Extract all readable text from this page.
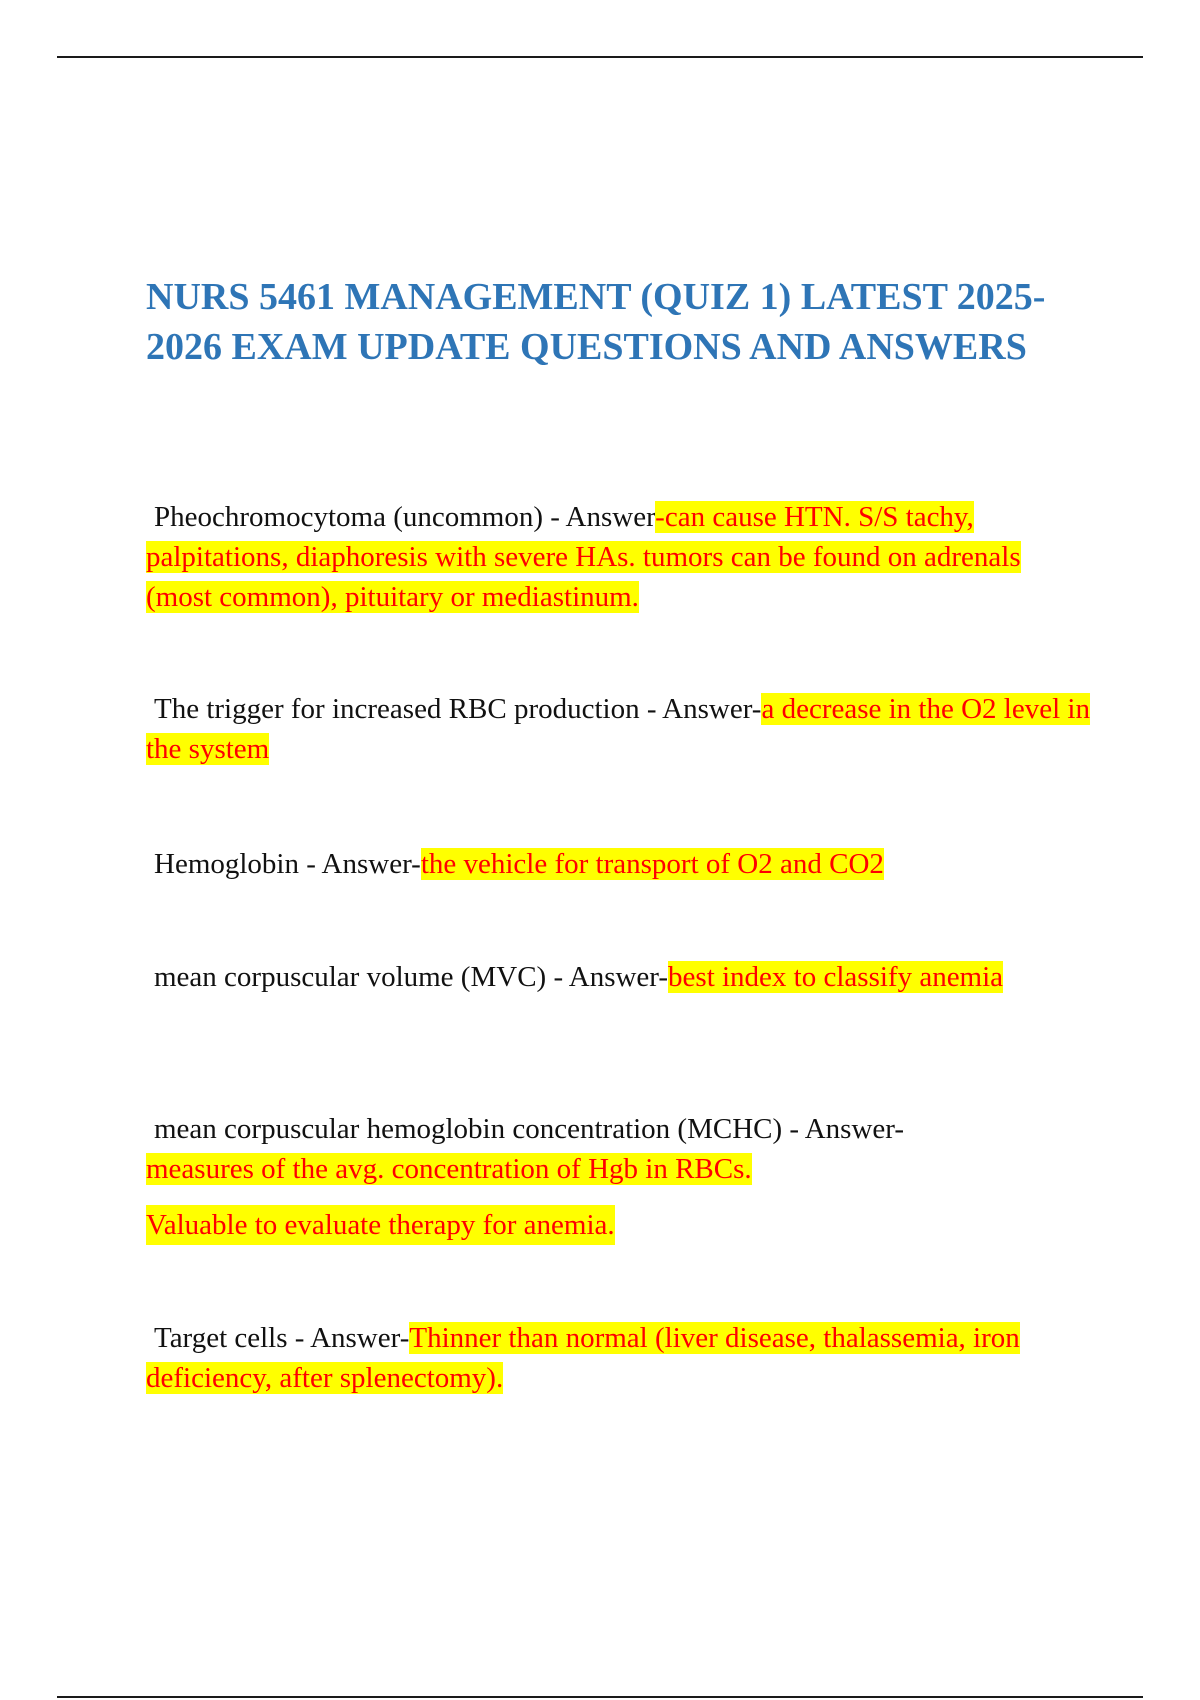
NURS 5461 MANAGEMENT (QUIZ 1) LATEST 2025-2026 EXAM UPDATE QUESTIONS AND ANSWERS

Pheochromocytoma (uncommon) - Answer-can cause HTN. S/S tachy, palpitations, diaphoresis with severe HAs. tumors can be found on adrenals (most common), pituitary or mediastinum.

The trigger for increased RBC production - Answer-a decrease in the O2 level in the system

Hemoglobin - Answer-the vehicle for transport of O2 and CO2

mean corpuscular volume (MVC) - Answer-best index to classify anemia

mean corpuscular hemoglobin concentration (MCHC) - Answer-
measures of the avg. concentration of Hgb in RBCs.
Valuable to evaluate therapy for anemia.

Target cells - Answer-Thinner than normal (liver disease, thalassemia, iron deficiency, after splenectomy).
